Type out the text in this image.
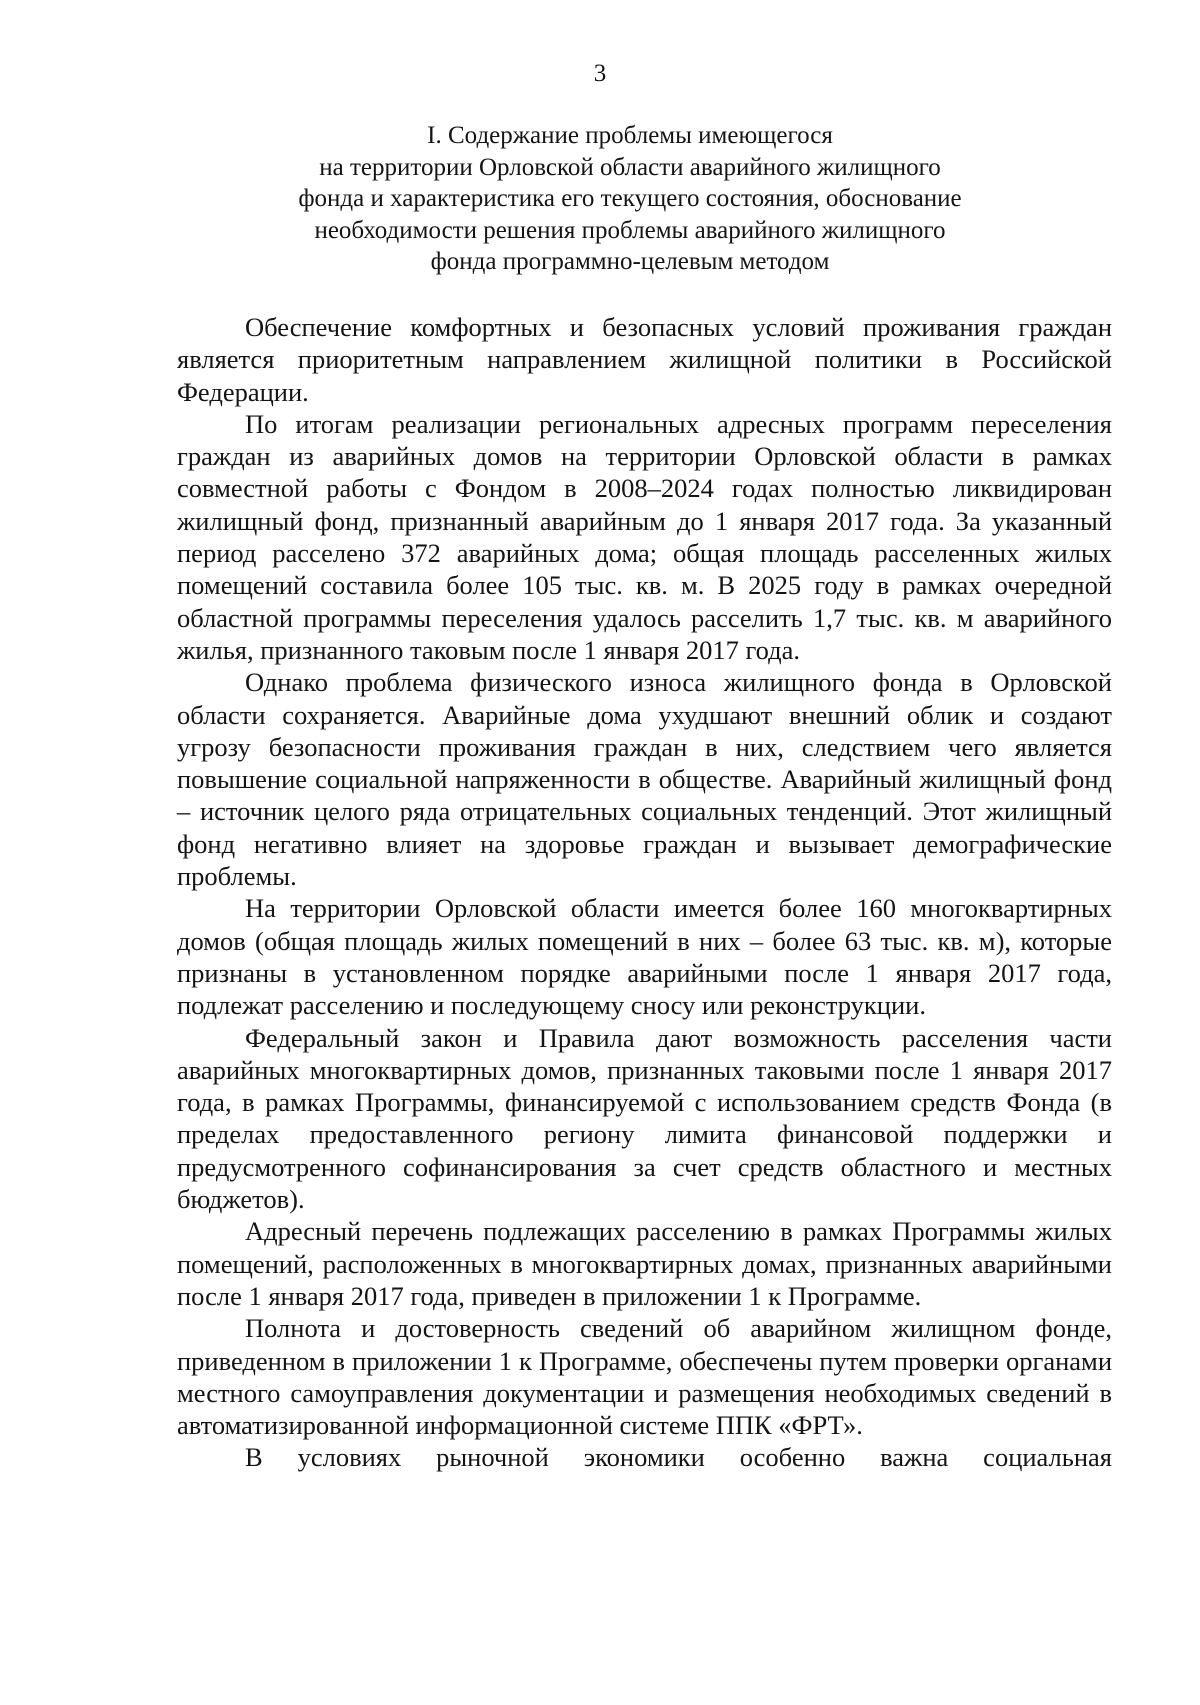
3
I. Содержание проблемы имеющегося
на территории Орловской области аварийного жилищного
фонда и характеристика его текущего состояния, обоснование
необходимости решения проблемы аварийного жилищного
фонда программно-целевым методом

Обеспечение комфортных и безопасных условий проживания граждан является приоритетным направлением жилищной политики в Российской Федерации.

По итогам реализации региональных адресных программ переселения граждан из аварийных домов на территории Орловской области в рамках совместной работы с Фондом в 2008–2024 годах полностью ликвидирован жилищный фонд, признанный аварийным до 1 января 2017 года. За указанный период расселено 372 аварийных дома; общая площадь расселенных жилых помещений составила более 105 тыс. кв. м. В 2025 году в рамках очередной областной программы переселения удалось расселить 1,7 тыс. кв. м аварийного жилья, признанного таковым после 1 января 2017 года.

Однако проблема физического износа жилищного фонда в Орловской области сохраняется. Аварийные дома ухудшают внешний облик и создают угрозу безопасности проживания граждан в них, следствием чего является повышение социальной напряженности в обществе. Аварийный жилищный фонд – источник целого ряда отрицательных социальных тенденций. Этот жилищный фонд негативно влияет на здоровье граждан и вызывает демографические проблемы.

На территории Орловской области имеется более 160 многоквартирных домов (общая площадь жилых помещений в них – более 63 тыс. кв. м), которые признаны в установленном порядке аварийными после 1 января 2017 года, подлежат расселению и последующему сносу или реконструкции.

Федеральный закон и Правила дают возможность расселения части аварийных многоквартирных домов, признанных таковыми после 1 января 2017 года, в рамках Программы, финансируемой с использованием средств Фонда (в пределах предоставленного региону лимита финансовой поддержки и предусмотренного софинансирования за счет средств областного и местных бюджетов).

Адресный перечень подлежащих расселению в рамках Программы жилых помещений, расположенных в многоквартирных домах, признанных аварийными после 1 января 2017 года, приведен в приложении 1 к Программе.

Полнота и достоверность сведений об аварийном жилищном фонде, приведенном в приложении 1 к Программе, обеспечены путем проверки органами местного самоуправления документации и размещения необходимых сведений в автоматизированной информационной системе ППК «ФРТ».

В условиях рыночной экономики особенно важна социальная
